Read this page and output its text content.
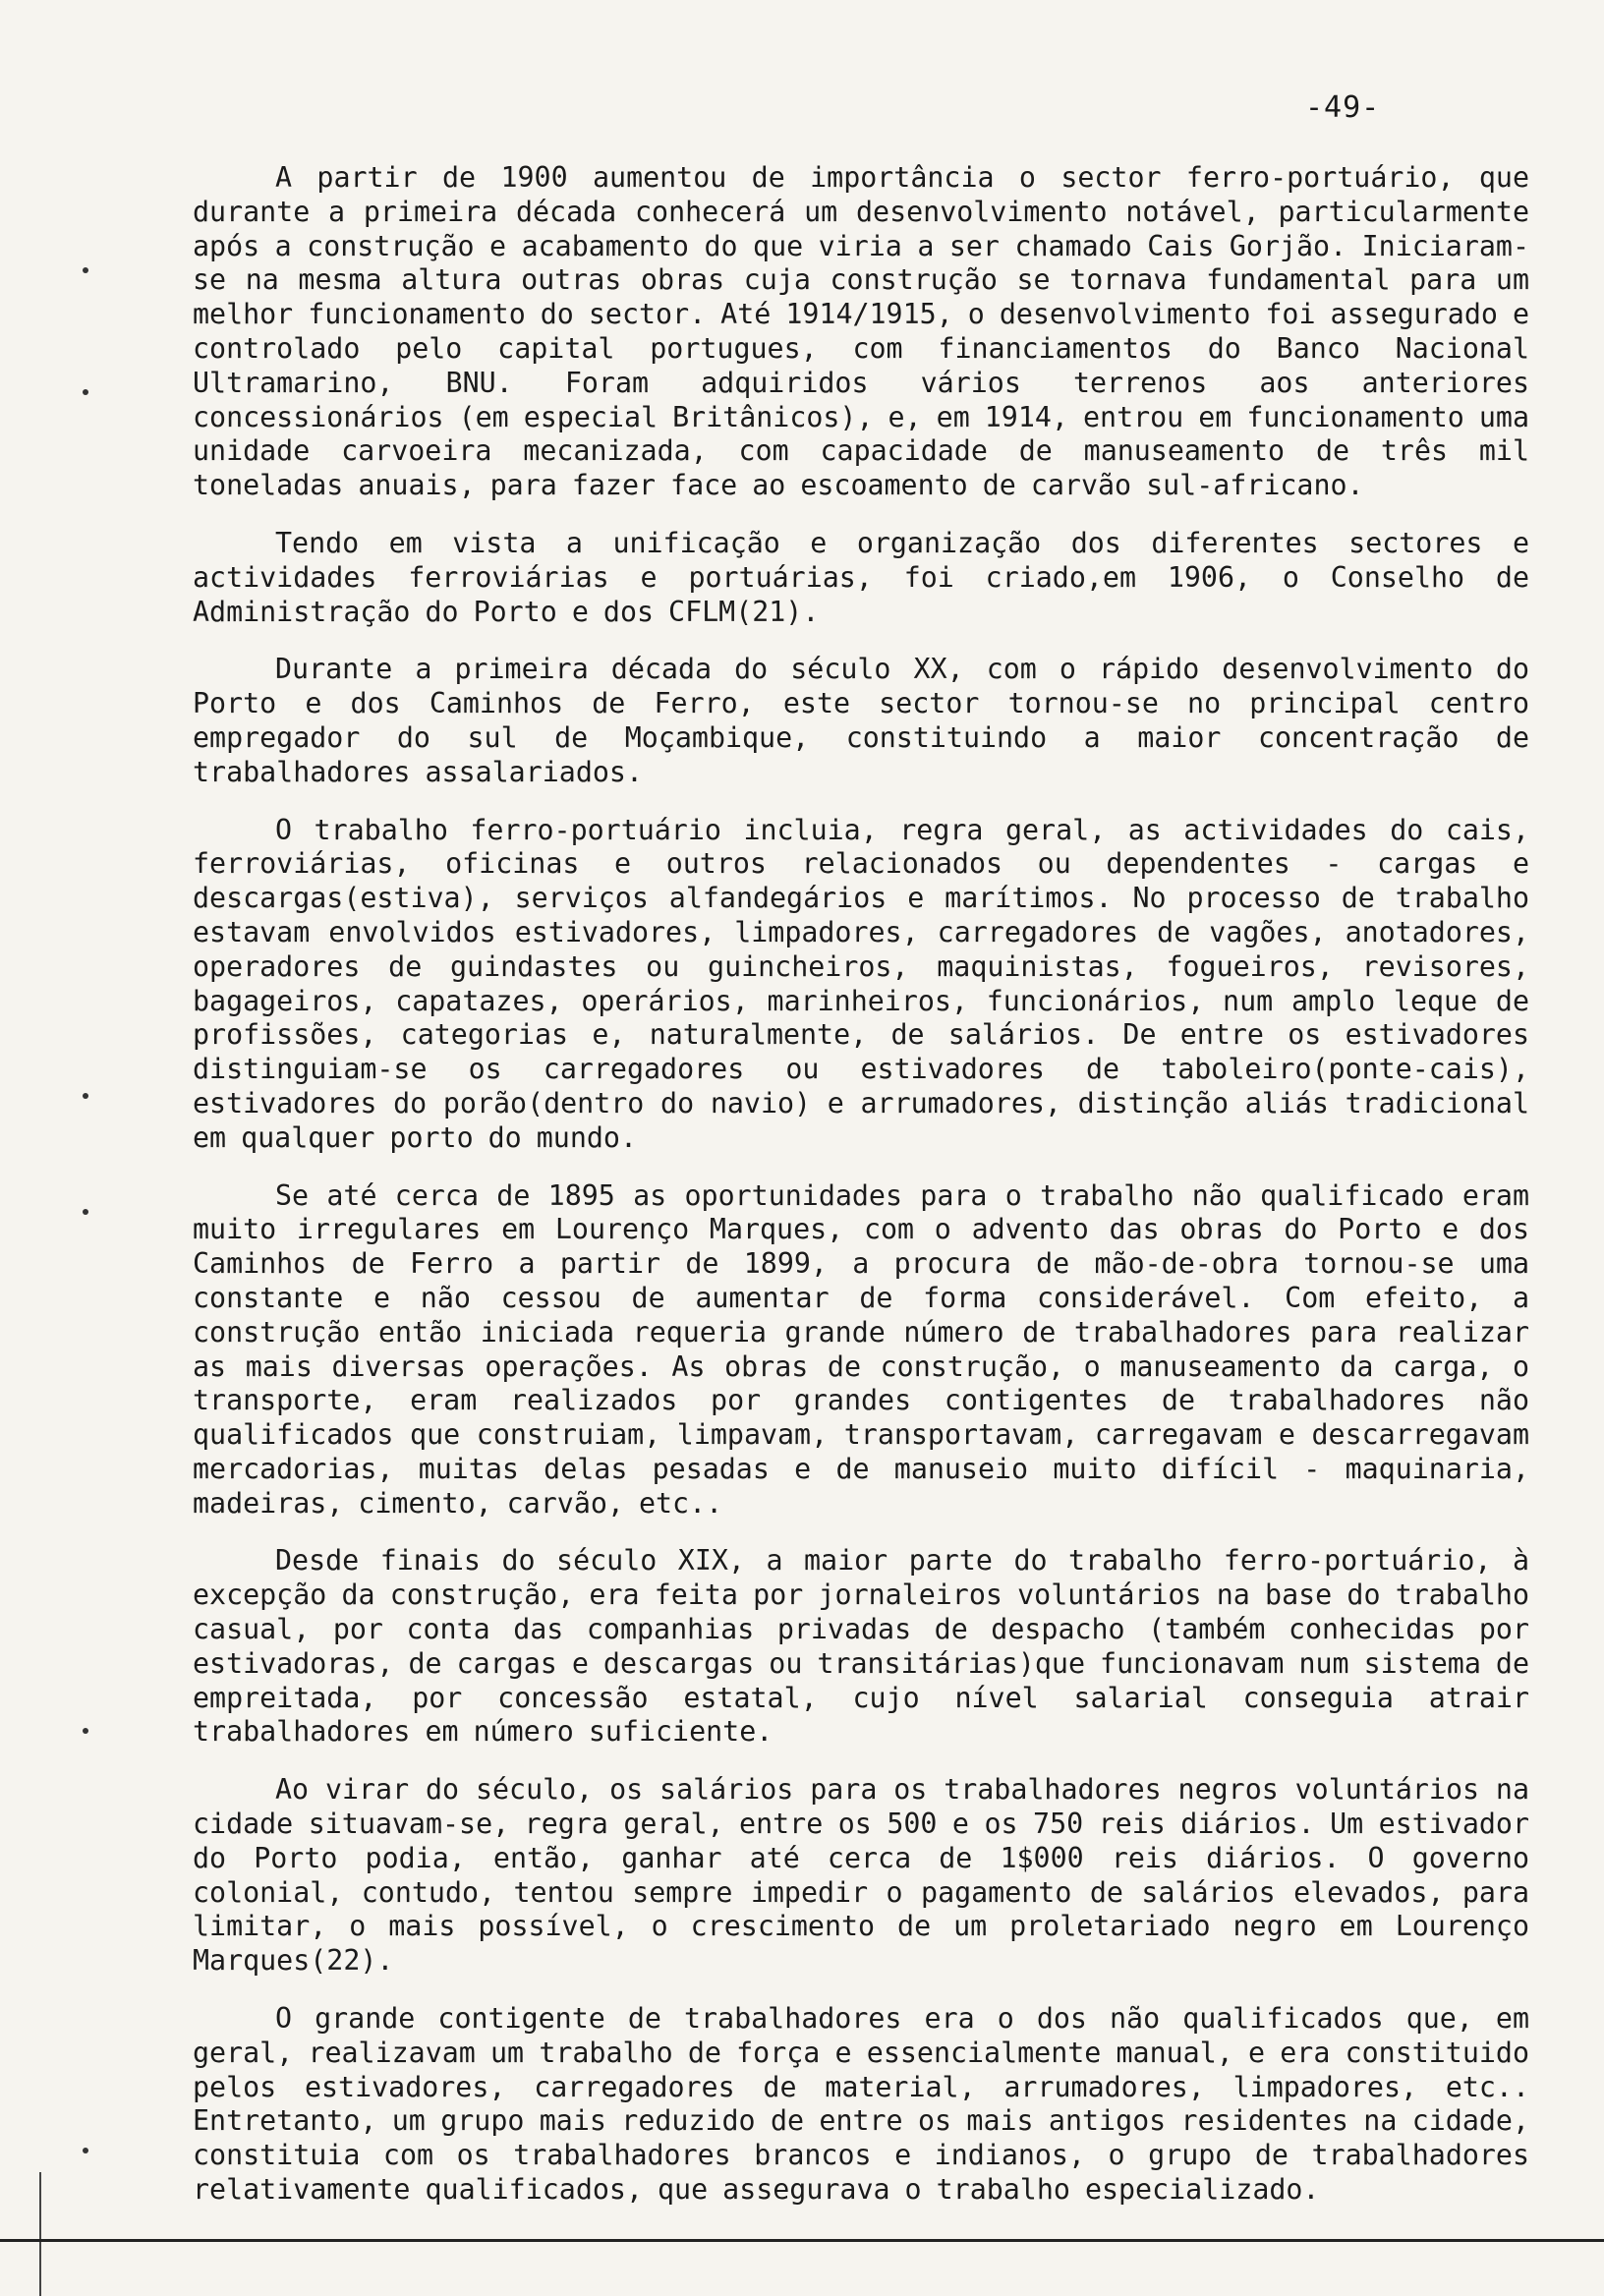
-49-

A partir de 1900 aumentou de importância o sector ferro-portuário, que durante a primeira década conhecerá um desenvolvimento notável, particularmente após a construção e acabamento do que viria a ser chamado Cais Gorjão. Iniciaram-se na mesma altura outras obras cuja construção se tornava fundamental para um melhor funcionamento do sector. Até 1914/1915, o desenvolvimento foi assegurado e controlado pelo capital portugues, com financiamentos do Banco Nacional Ultramarino, BNU. Foram adquiridos vários terrenos aos anteriores concessionários (em especial Britânicos), e, em 1914, entrou em funcionamento uma unidade carvoeira mecanizada, com capacidade de manuseamento de três mil toneladas anuais, para fazer face ao escoamento de carvão sul-africano.

Tendo em vista a unificação e organização dos diferentes sectores e actividades ferroviárias e portuárias, foi criado,em 1906, o Conselho de Administração do Porto e dos CFLM(21).

Durante a primeira década do século XX, com o rápido desenvolvimento do Porto e dos Caminhos de Ferro, este sector tornou-se no principal centro empregador do sul de Moçambique, constituindo a maior concentração de trabalhadores assalariados.

O trabalho ferro-portuário incluia, regra geral, as actividades do cais, ferroviárias, oficinas e outros relacionados ou dependentes - cargas e descargas(estiva), serviços alfandegários e marítimos. No processo de trabalho estavam envolvidos estivadores, limpadores, carregadores de vagões, anotadores, operadores de guindastes ou guincheiros, maquinistas, fogueiros, revisores, bagageiros, capatazes, operários, marinheiros, funcionários, num amplo leque de profissões, categorias e, naturalmente, de salários. De entre os estivadores distinguiam-se os carregadores ou estivadores de taboleiro(ponte-cais), estivadores do porão(dentro do navio) e arrumadores, distinção aliás tradicional em qualquer porto do mundo.

Se até cerca de 1895 as oportunidades para o trabalho não qualificado eram muito irregulares em Lourenço Marques, com o advento das obras do Porto e dos Caminhos de Ferro a partir de 1899, a procura de mão-de-obra tornou-se uma constante e não cessou de aumentar de forma considerável. Com efeito, a construção então iniciada requeria grande número de trabalhadores para realizar as mais diversas operações. As obras de construção, o manuseamento da carga, o transporte, eram realizados por grandes contigentes de trabalhadores não qualificados que construiam, limpavam, transportavam, carregavam e descarregavam mercadorias, muitas delas pesadas e de manuseio muito difícil - maquinaria, madeiras, cimento, carvão, etc..

Desde finais do século XIX, a maior parte do trabalho ferro-portuário, à excepção da construção, era feita por jornaleiros voluntários na base do trabalho casual, por conta das companhias privadas de despacho (também conhecidas por estivadoras, de cargas e descargas ou transitárias)que funcionavam num sistema de empreitada, por concessão estatal, cujo nível salarial conseguia atrair trabalhadores em número suficiente.

Ao virar do século, os salários para os trabalhadores negros voluntários na cidade situavam-se, regra geral, entre os 500 e os 750 reis diários. Um estivador do Porto podia, então, ganhar até cerca de 1$000 reis diários. O governo colonial, contudo, tentou sempre impedir o pagamento de salários elevados, para limitar, o mais possível, o crescimento de um proletariado negro em Lourenço Marques(22).

O grande contigente de trabalhadores era o dos não qualificados que, em geral, realizavam um trabalho de força e essencialmente manual, e era constituido pelos estivadores, carregadores de material, arrumadores, limpadores, etc.. Entretanto, um grupo mais reduzido de entre os mais antigos residentes na cidade, constituia com os trabalhadores brancos e indianos, o grupo de trabalhadores relativamente qualificados, que assegurava o trabalho especializado.
